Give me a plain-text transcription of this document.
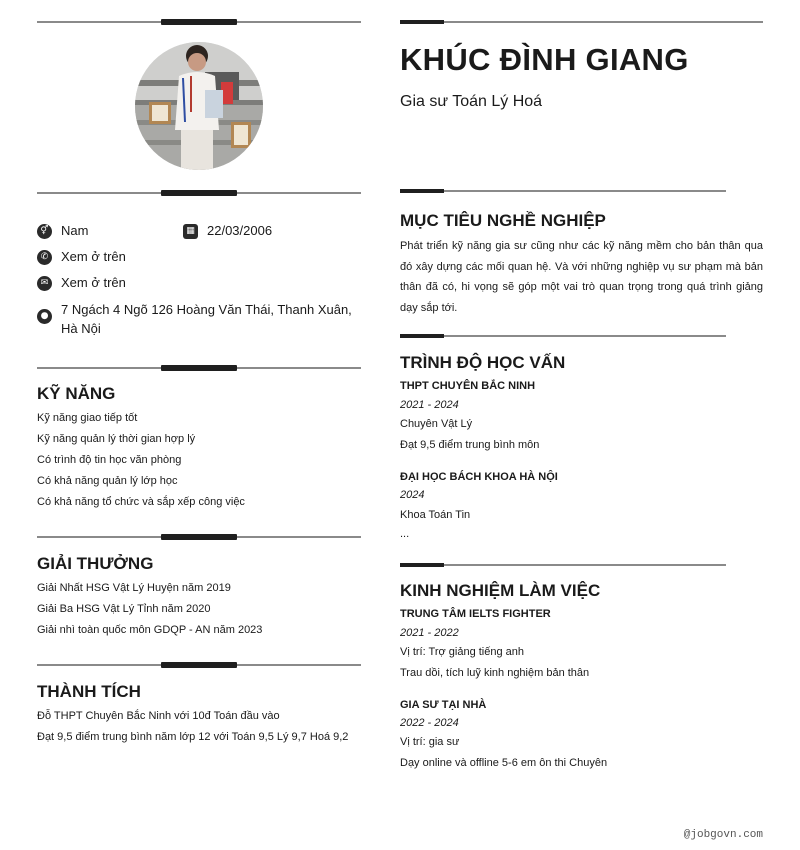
⚥ Nam	▦ 22/03/2006
✆ Xem ở trên
✉ Xem ở trên
● 7 Ngách 4 Ngõ 126 Hoàng Văn Thái, Thanh Xuân, Hà Nội
KỸ NĂNG
Kỹ năng giao tiếp tốt
Kỹ năng quản lý thời gian hợp lý
Có trình độ tin học văn phòng
Có khả năng quản lý lớp học
Có khả năng tổ chức và sắp xếp công việc
GIẢI THƯỞNG
Giải Nhất HSG Vật Lý Huyện năm 2019
Giải Ba HSG Vật Lý Tỉnh năm 2020
Giải nhì toàn quốc môn GDQP - AN năm 2023
THÀNH TÍCH
Đỗ THPT Chuyên Bắc Ninh với 10đ Toán đầu vào
Đạt 9,5 điểm trung bình năm lớp 12 với Toán 9,5 Lý 9,7 Hoá 9,2
KHÚC ĐÌNH GIANG
Gia sư Toán Lý Hoá
MỤC TIÊU NGHỀ NGHIỆP
Phát triển kỹ năng gia sư cũng như các kỹ năng mềm cho bản thân qua đó xây dựng các mối quan hệ. Và với những nghiệp vụ sư phạm mà bản thân đã có, hi vọng sẽ góp một vai trò quan trọng trong quá trình giảng dạy sắp tới.
TRÌNH ĐỘ HỌC VẤN
THPT CHUYÊN BẮC NINH
2021 - 2024
Chuyên Vật Lý
Đạt 9,5 điểm trung bình môn
ĐẠI HỌC BÁCH KHOA HÀ NỘI
2024
Khoa Toán Tin
...
KINH NGHIỆM LÀM VIỆC
TRUNG TÂM IELTS FIGHTER
2021 - 2022
Vị trí: Trợ giảng tiếng anh
Trau dồi, tích luỹ kinh nghiệm bản thân
GIA SƯ TẠI NHÀ
2022 - 2024
Vị trí: gia sư
Dạy online và offline 5-6 em ôn thi Chuyên
@jobgovn.com
